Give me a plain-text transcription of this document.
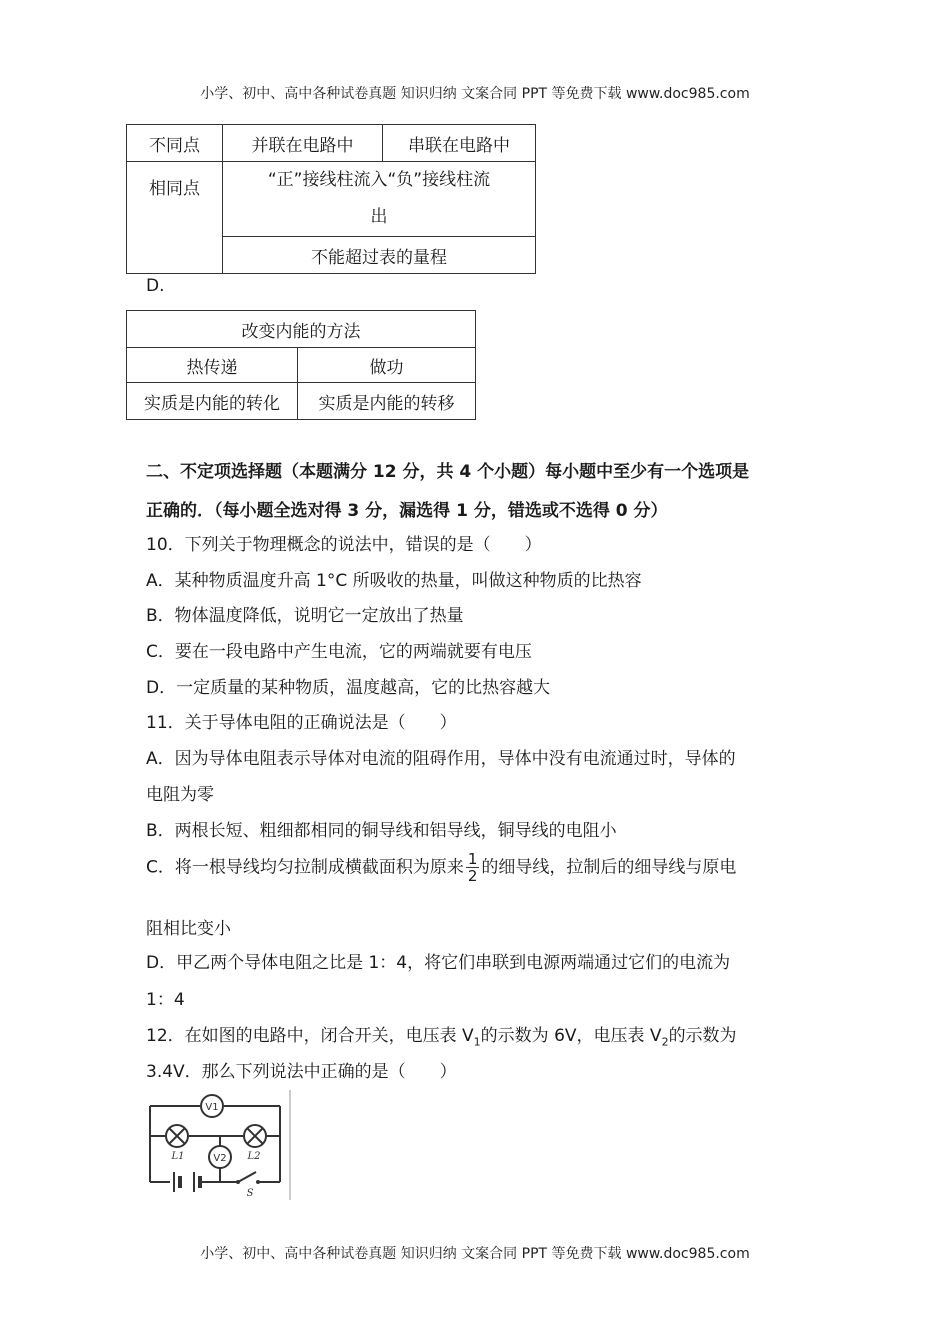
小学、初中、高中各种试卷真题 知识归纳 文案合同 PPT 等免费下载 www.doc985.com
不同点	并联在电路中	串联在电路中
相同点	“正”接线柱流入“负”接线柱流
出	
	不能超过表的量程	
D.
改变内能的方法	
热传递	做功
实质是内能的转化	实质是内能的转移
二、不定项选择题（本题满分 12 分，共 4 个小题）每小题中至少有一个选项是
正确的．（每小题全选对得 3 分，漏选得 1 分，错选或不选得 0 分）
10．下列关于物理概念的说法中，错误的是（　　）
A．某种物质温度升高 1°C 所吸收的热量，叫做这种物质的比热容
B．物体温度降低，说明它一定放出了热量
C．要在一段电路中产生电流，它的两端就要有电压
D．一定质量的某种物质，温度越高，它的比热容越大
11．关于导体电阻的正确说法是（　　）
A．因为导体电阻表示导体对电流的阻碍作用，导体中没有电流通过时，导体的
电阻为零
B．两根长短、粗细都相同的铜导线和铝导线，铜导线的电阻小
C．将一根导线均匀拉制成横截面积为原来 $\frac{1}{2}$ 的细导线，拉制后的细导线与原电
阻相比变小
D．甲乙两个导体电阻之比是 1：4，将它们串联到电源两端通过它们的电流为
1：4
12．在如图的电路中，闭合开关，电压表 $V_1$的示数为 6V，电压表 $V_2$的示数为
3.4V．那么下列说法中正确的是（　　）
V1
V2
L1	L2
S
小学、初中、高中各种试卷真题 知识归纳 文案合同 PPT 等免费下载 www.doc985.com
